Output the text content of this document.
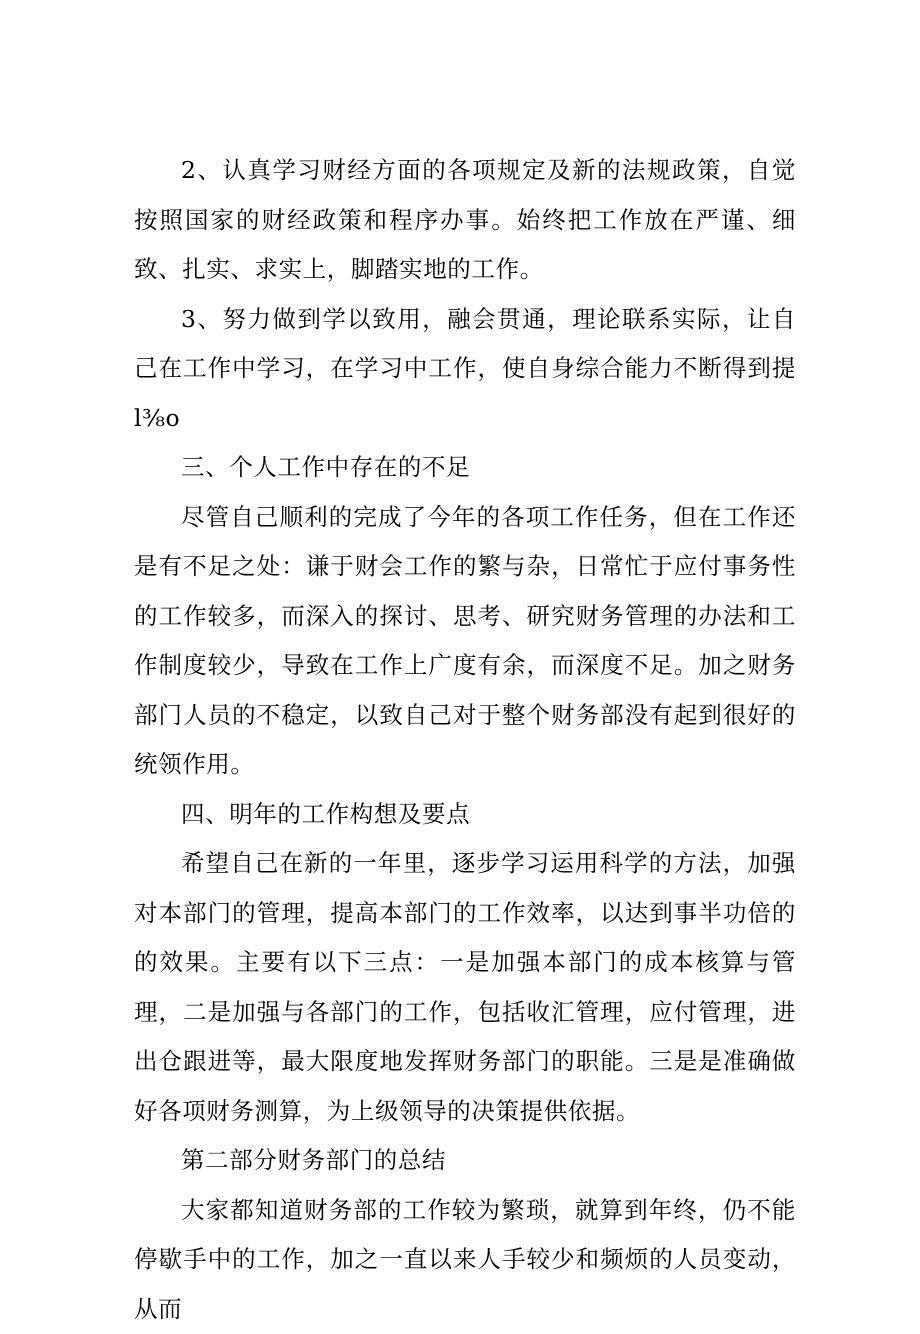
2、认真学习财经方面的各项规定及新的法规政策，自觉按照国家的财经政策和程序办事。始终把工作放在严谨、细致、扎实、求实上，脚踏实地的工作。

3、努力做到学以致用，融会贯通，理论联系实际，让自己在工作中学习，在学习中工作，使自身综合能力不断得到提l⅜o

三、个人工作中存在的不足

尽管自己顺利的完成了今年的各项工作任务，但在工作还是有不足之处：谦于财会工作的繁与杂，日常忙于应付事务性的工作较多，而深入的探讨、思考、研究财务管理的办法和工作制度较少，导致在工作上广度有余，而深度不足。加之财务部门人员的不稳定，以致自己对于整个财务部没有起到很好的统领作用。

四、明年的工作构想及要点

希望自己在新的一年里，逐步学习运用科学的方法，加强对本部门的管理，提高本部门的工作效率，以达到事半功倍的的效果。主要有以下三点：一是加强本部门的成本核算与管理，二是加强与各部门的工作，包括收汇管理，应付管理，进出仓跟进等，最大限度地发挥财务部门的职能。三是是准确做好各项财务测算，为上级领导的决策提供依据。

第二部分财务部门的总结

大家都知道财务部的工作较为繁琐，就算到年终，仍不能停歇手中的工作，加之一直以来人手较少和频烦的人员变动，从而
